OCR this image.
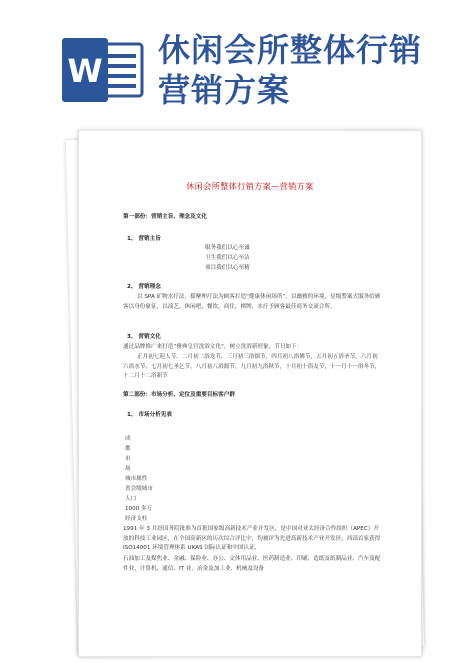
W
休闲会所整体行销
营销方案
休闲会所整体行销方案—营销方案
第一部份：营销主旨、理念及文化
1、 营销主旨
服务我们以心至诚
卫生我们以心至洁
项目我们以心至精
2、 营销理念
以 SPA 矿物水疗法，搽摩理疗法为顾客打造“健康休闲场所”，以幽雅的环境，星级警案式服务给顾客以身份象征，以演艺，休闲吧，餐饮，商住，棋牌，水疗予顾客最佳商务交流合所。
3、 营销文化
通过品牌推广来打造“雅典皇宫洗浴文化”，树立洗浴新形象，节日如下：
正月初七迎人节，二月初二浴龙节，三月初三浴儒节，四月初八浴佛节，五月初五浴圣节，六月初六浴水节，七月初七圣乞节，八月初八浴源节，九月初九浴秋节，十月初十浴友节，十一月十一浴冬节，十二月十二浴新节
第二部份：市场分析、定位及重要目标客户群
1、 市场分析见表
成
都
市
场
城市属性
省会级城市
人口
1000 多万
经济支柱
1991 年 3 月经国务院批准为首批国家级高新技术产业开发区，是中国对亚太经济合作组织（APEC）开放的科技工业园区，在全国高新区的历次综合评比中，均被评为先进高新技术产业开发区。西部首家获得 ISO14001 环境管理体系 UKAS 国际认证和中国认证，
石油加工及煤焦业、金融、保险业、办公、文体用品业、医药制造业、印刷、造纸及纸制品业、汽车及配件业、计算机、通信、IT 业、冶金及加工业、机械及设备
